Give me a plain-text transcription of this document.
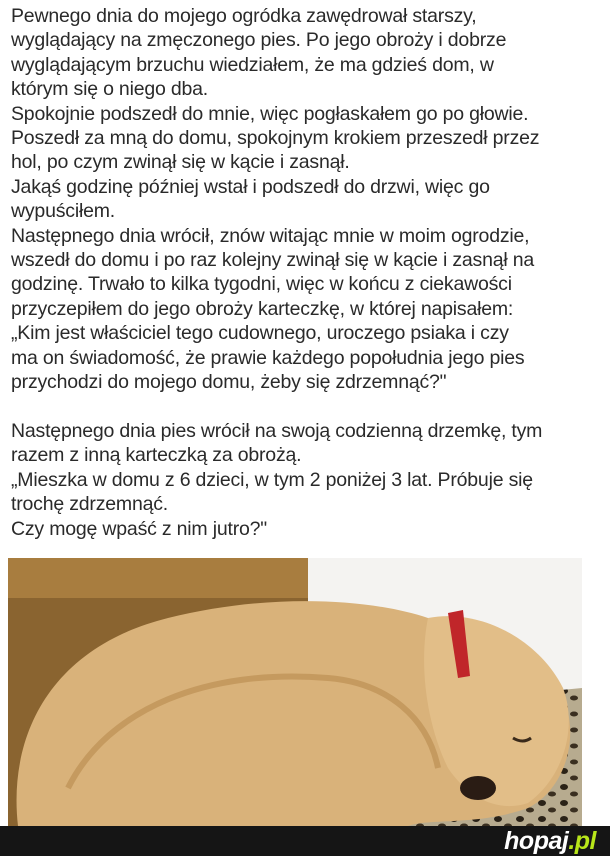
Pewnego dnia do mojego ogródka zawędrował starszy,
wyglądający na zmęczonego pies. Po jego obroży i dobrze
wyglądającym brzuchu wiedziałem, że ma gdzieś dom, w
którym się o niego dba.
Spokojnie podszedł do mnie, więc pogłaskałem go po głowie.
Poszedł za mną do domu, spokojnym krokiem przeszedł przez
hol, po czym zwinął się w kącie i zasnął.
Jakąś godzinę później wstał i podszedł do drzwi, więc go
wypuściłem.
Następnego dnia wrócił, znów witając mnie w moim ogrodzie,
wszedł do domu i po raz kolejny zwinął się w kącie i zasnął na
godzinę. Trwało to kilka tygodni, więc w końcu z ciekawości
przyczepiłem do jego obroży karteczkę, w której napisałem:
„Kim jest właściciel tego cudownego, uroczego psiaka i czy
ma on świadomość, że prawie każdego popołudnia jego pies
przychodzi do mojego domu, żeby się zdrzemnąć?"
Następnego dnia pies wrócił na swoją codzienną drzemkę, tym
razem z inną karteczką za obrożą.
„Mieszka w domu z 6 dzieci, w tym 2 poniżej 3 lat. Próbuje się
trochę zdrzemnąć.
Czy mogę wpaść z nim jutro?"
hopaj.pl
